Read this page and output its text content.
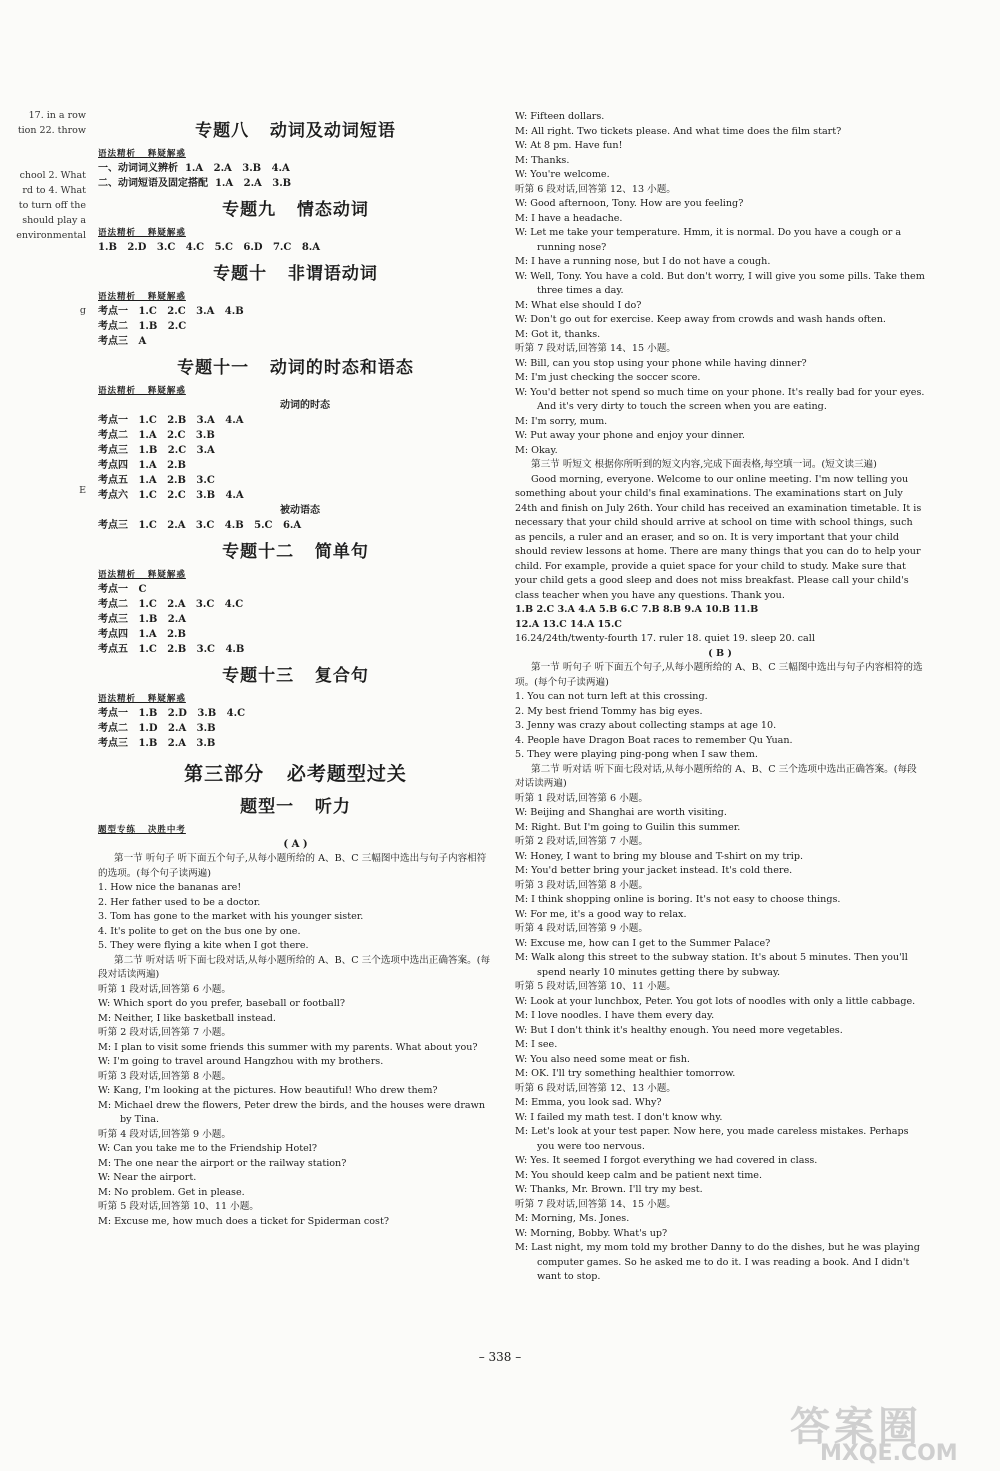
17. in a row
tion 22. throw

chool 2. What
rd to 4. What
to turn off the
should play a
environmental

g

E
专题八   动词及动词短语
语法精析   释疑解惑
一、动词词义辨析  1.A   2.A   3.B   4.A
二、动词短语及固定搭配  1.A   2.A   3.B
专题九   情态动词
语法精析   释疑解惑
1.B   2.D   3.C   4.C   5.C   6.D   7.C   8.A
专题十   非谓语动词
语法精析   释疑解惑
考点一   1.C   2.C   3.A   4.B
考点二   1.B   2.C
考点三   A
专题十一   动词的时态和语态
语法精析   释疑解惑
动词的时态
考点一   1.C   2.B   3.A   4.A
考点二   1.A   2.C   3.B
考点三   1.B   2.C   3.A
考点四   1.A   2.B
考点五   1.A   2.B   3.C
考点六   1.C   2.C   3.B   4.A
被动语态
考点三   1.C   2.A   3.C   4.B   5.C   6.A
专题十二   简单句
语法精析   释疑解惑
考点一   C
考点二   1.C   2.A   3.C   4.C
考点三   1.B   2.A
考点四   1.A   2.B
考点五   1.C   2.B   3.C   4.B
专题十三   复合句
语法精析   释疑解惑
考点一   1.B   2.D   3.B   4.C
考点二   1.D   2.A   3.B
考点三   1.B   2.A   3.B
第三部分   必考题型过关
题型一   听力
题型专练   决胜中考
( A )
第一节 听句子 听下面五个句子,从每小题所给的 A、B、C 三幅图中选出与句子内容相符的选项。(每个句子读两遍)
1. How nice the bananas are!
2. Her father used to be a doctor.
3. Tom has gone to the market with his younger sister.
4. It's polite to get on the bus one by one.
5. They were flying a kite when I got there.
第二节 听对话 听下面七段对话,从每小题所给的 A、B、C 三个选项中选出正确答案。(每段对话读两遍)
听第 1 段对话,回答第 6 小题。
W: Which sport do you prefer, baseball or football?
M: Neither, I like basketball instead.
听第 2 段对话,回答第 7 小题。
M: I plan to visit some friends this summer with my parents. What about you?
W: I'm going to travel around Hangzhou with my brothers.
听第 3 段对话,回答第 8 小题。
W: Kang, I'm looking at the pictures. How beautiful! Who drew them?
M: Michael drew the flowers, Peter drew the birds, and the houses were drawn by Tina.
听第 4 段对话,回答第 9 小题。
W: Can you take me to the Friendship Hotel?
M: The one near the airport or the railway station?
W: Near the airport.
M: No problem. Get in please.
听第 5 段对话,回答第 10、11 小题。
M: Excuse me, how much does a ticket for Spiderman cost?
W: Fifteen dollars.
M: All right. Two tickets please. And what time does the film start?
W: At 8 pm. Have fun!
M: Thanks.
W: You're welcome.
听第 6 段对话,回答第 12、13 小题。
W: Good afternoon, Tony. How are you feeling?
M: I have a headache.
W: Let me take your temperature. Hmm, it is normal. Do you have a cough or a running nose?
M: I have a running nose, but I do not have a cough.
W: Well, Tony. You have a cold. But don't worry, I will give you some pills. Take them three times a day.
M: What else should I do?
W: Don't go out for exercise. Keep away from crowds and wash hands often.
M: Got it, thanks.
听第 7 段对话,回答第 14、15 小题。
W: Bill, can you stop using your phone while having dinner?
M: I'm just checking the soccer score.
W: You'd better not spend so much time on your phone. It's really bad for your eyes. And it's very dirty to touch the screen when you are eating.
M: I'm sorry, mum.
W: Put away your phone and enjoy your dinner.
M: Okay.
第三节 听短文 根据你所听到的短文内容,完成下面表格,每空填一词。(短文读三遍)
Good morning, everyone. Welcome to our online meeting. I'm now telling you something about your child's final examinations. The examinations start on July 24th and finish on July 26th. Your child has received an examination timetable. It is necessary that your child should arrive at school on time with school things, such as pencils, a ruler and an eraser, and so on. It is very important that your child should review lessons at home. There are many things that you can do to help your child. For example, provide a quiet space for your child to study. Make sure that your child gets a good sleep and does not miss breakfast. Please call your child's class teacher when you have any questions. Thank you.
1.B 2.C 3.A 4.A 5.B 6.C 7.B 8.B 9.A 10.B 11.B
12.A 13.C 14.A 15.C
16.24/24th/twenty-fourth 17. ruler 18. quiet 19. sleep 20. call
( B )
第一节 听句子 听下面五个句子,从每小题所给的 A、B、C 三幅图中选出与句子内容相符的选项。(每个句子读两遍)
1. You can not turn left at this crossing.
2. My best friend Tommy has big eyes.
3. Jenny was crazy about collecting stamps at age 10.
4. People have Dragon Boat races to remember Qu Yuan.
5. They were playing ping-pong when I saw them.
第二节 听对话 听下面七段对话,从每小题所给的 A、B、C 三个选项中选出正确答案。(每段对话读两遍)
听第 1 段对话,回答第 6 小题。
W: Beijing and Shanghai are worth visiting.
M: Right. But I'm going to Guilin this summer.
听第 2 段对话,回答第 7 小题。
W: Honey, I want to bring my blouse and T-shirt on my trip.
M: You'd better bring your jacket instead. It's cold there.
听第 3 段对话,回答第 8 小题。
M: I think shopping online is boring. It's not easy to choose things.
W: For me, it's a good way to relax.
听第 4 段对话,回答第 9 小题。
W: Excuse me, how can I get to the Summer Palace?
M: Walk along this street to the subway station. It's about 5 minutes. Then you'll spend nearly 10 minutes getting there by subway.
听第 5 段对话,回答第 10、11 小题。
W: Look at your lunchbox, Peter. You got lots of noodles with only a little cabbage.
M: I love noodles. I have them every day.
W: But I don't think it's healthy enough. You need more vegetables.
M: I see.
W: You also need some meat or fish.
M: OK. I'll try something healthier tomorrow.
听第 6 段对话,回答第 12、13 小题。
M: Emma, you look sad. Why?
W: I failed my math test. I don't know why.
M: Let's look at your test paper. Now here, you made careless mistakes. Perhaps you were too nervous.
W: Yes. It seemed I forgot everything we had covered in class.
M: You should keep calm and be patient next time.
W: Thanks, Mr. Brown. I'll try my best.
听第 7 段对话,回答第 14、15 小题。
M: Morning, Ms. Jones.
W: Morning, Bobby. What's up?
M: Last night, my mom told my brother Danny to do the dishes, but he was playing computer games. So he asked me to do it. I was reading a book. And I didn't want to stop.
– 338 –
答案圈
MXQE.COM
